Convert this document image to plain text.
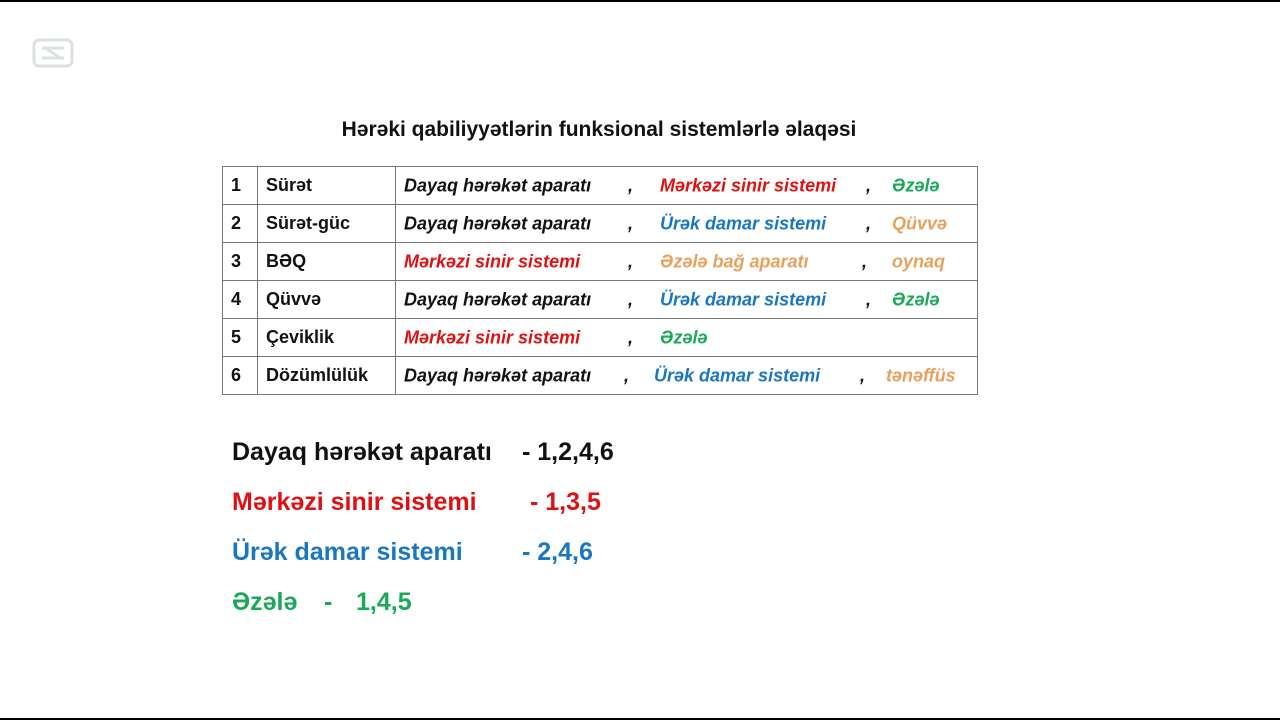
Hərəki qabiliyyətlərin funksional sistemlərlə əlaqəsi
1	Sürət	Dayaq hərəkət aparatı , Mərkəzi sinir sistemi , Əzələ

2	Sürət-güc	Dayaq hərəkət aparatı , Ürək damar sistemi , Qüvvə

3	BƏQ	Mərkəzi sinir sistemi , Əzələ bağ aparatı , oynaq

4	Qüvvə	Dayaq hərəkət aparatı , Ürək damar sistemi , Əzələ

5	Çeviklik	Mərkəzi sinir sistemi , Əzələ

6	Dözümlülük	Dayaq hərəkət aparatı , Ürək damar sistemi , tənəffüs
Dayaq hərəkət aparatı - 1,2,4,6
Mərkəzi sinir sistemi - 1,3,5
Ürək damar sistemi - 2,4,6
Əzələ - 1,4,5
